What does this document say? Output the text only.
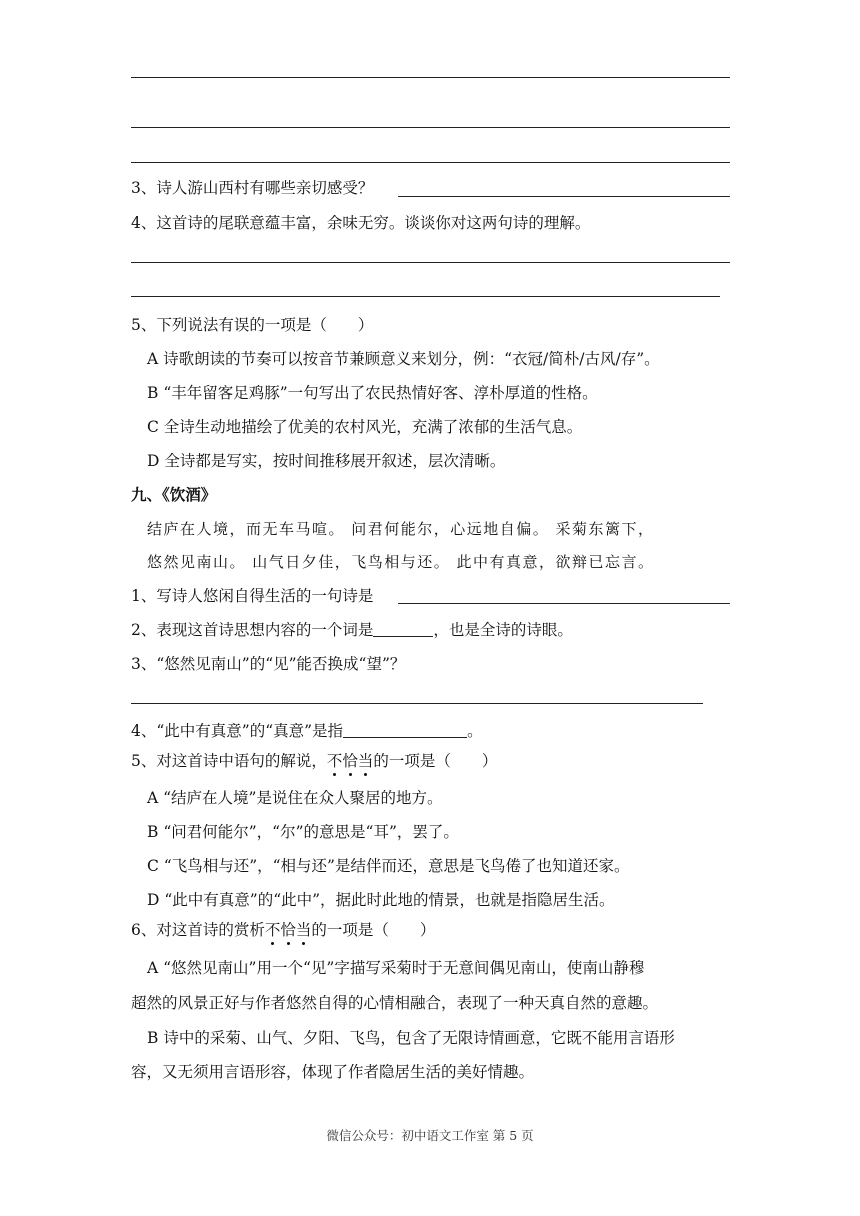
3、诗人游山西村有哪些亲切感受？
4、这首诗的尾联意蕴丰富，余味无穷。谈谈你对这两句诗的理解。
5、下列说法有误的一项是（　　）
A 诗歌朗读的节奏可以按音节兼顾意义来划分，例：“衣冠/简朴/古风/存”。
B “丰年留客足鸡豚”一句写出了农民热情好客、淳朴厚道的性格。
C 全诗生动地描绘了优美的农村风光，充满了浓郁的生活气息。
D 全诗都是写实，按时间推移展开叙述，层次清晰。
九、《饮酒》
结庐在人境，而无车马喧。 问君何能尔，心远地自偏。 采菊东篱下，
悠然见南山。 山气日夕佳，飞鸟相与还。 此中有真意，欲辩已忘言。
1、写诗人悠闲自得生活的一句诗是
2、表现这首诗思想内容的一个词是	，也是全诗的诗眼。
3、“悠然见南山”的“见”能否换成“望”？
4、“此中有真意”的“真意”是指	。
5、对这首诗中语句的解说，不恰当的一项是（　　）
A “结庐在人境”是说住在众人聚居的地方。
B “问君何能尔”，“尔”的意思是“耳”，罢了。
C “飞鸟相与还”，“相与还”是结伴而还，意思是飞鸟倦了也知道还家。
D “此中有真意”的“此中”，据此时此地的情景，也就是指隐居生活。
6、对这首诗的赏析不恰当的一项是（　　）
A “悠然见南山”用一个“见”字描写采菊时于无意间偶见南山，使南山静穆
超然的风景正好与作者悠然自得的心情相融合，表现了一种天真自然的意趣。
B 诗中的采菊、山气、夕阳、飞鸟，包含了无限诗情画意，它既不能用言语形
容，又无须用言语形容，体现了作者隐居生活的美好情趣。
微信公众号：初中语文工作室 第 5 页
